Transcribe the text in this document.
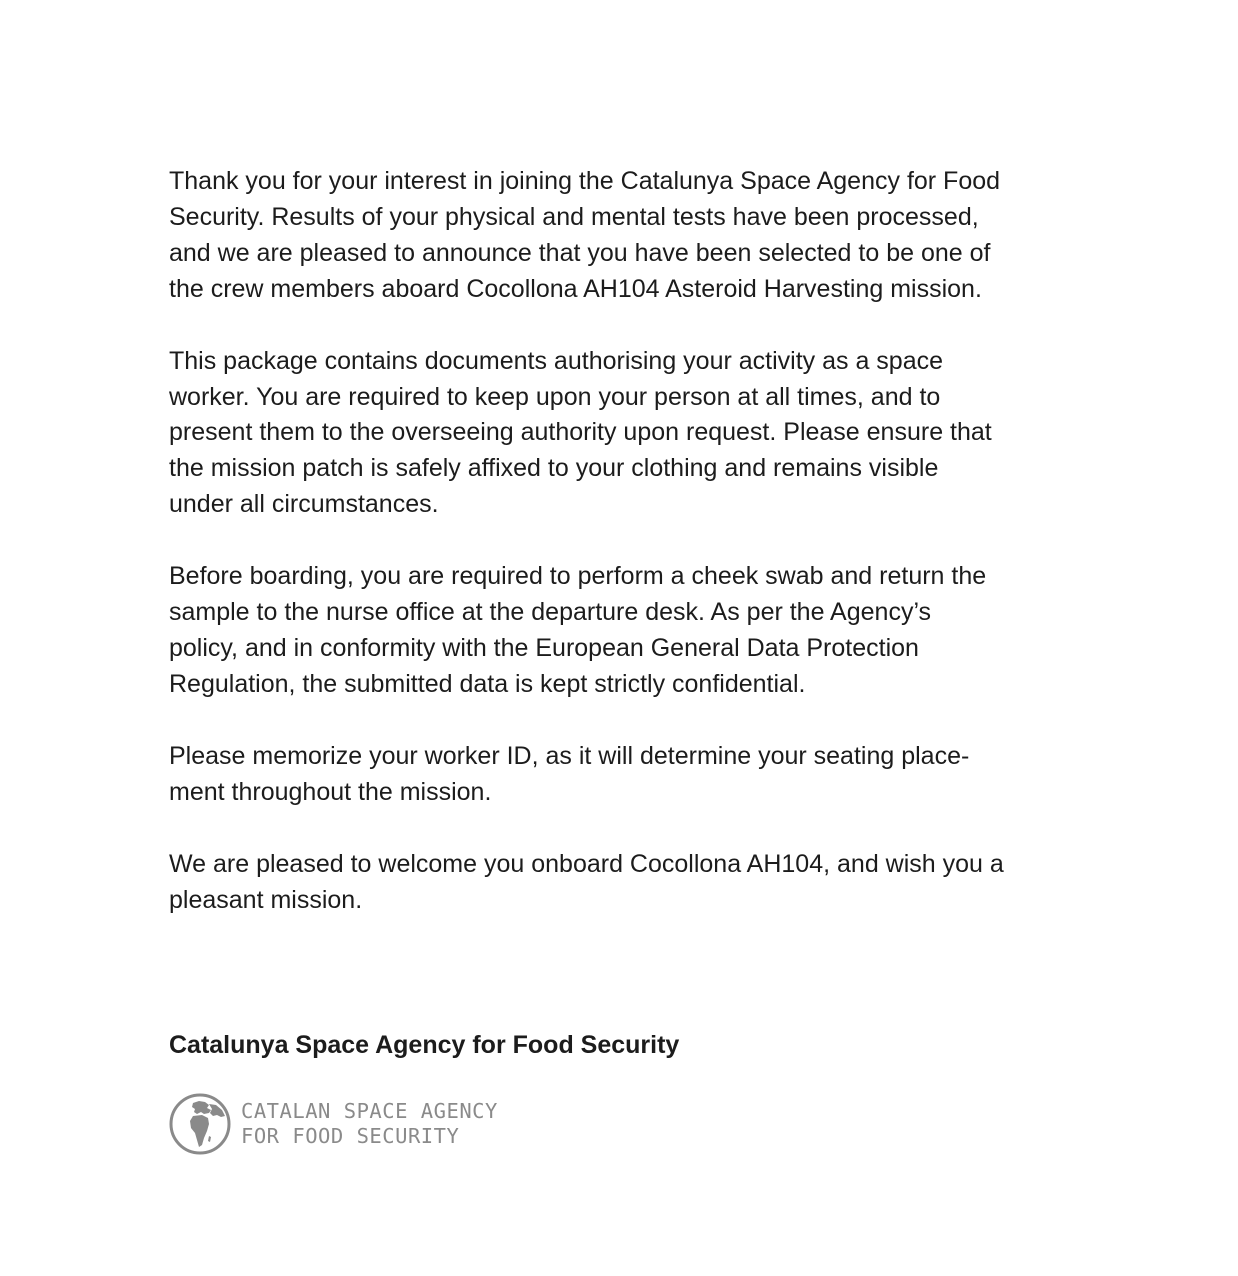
Thank you for your interest in joining the Catalunya Space Agency for Food
Security. Results of your physical and mental tests have been processed,
and we are pleased to announce that you have been selected to be one of
the crew members aboard Cocollona AH104 Asteroid Harvesting mission.

This package contains documents authorising your activity as a space
worker. You are required to keep upon your person at all times, and to
present them to the overseeing authority upon request. Please ensure that
the mission patch is safely affixed to your clothing and remains visible
under all circumstances.

Before boarding, you are required to perform a cheek swab and return the
sample to the nurse office at the departure desk. As per the Agency’s
policy, and in conformity with the European General Data Protection
Regulation, the submitted data is kept strictly confidential.

Please memorize your worker ID, as it will determine your seating place-
ment throughout the mission.

We are pleased to welcome you onboard Cocollona AH104, and wish you a
pleasant mission.

Catalunya Space Agency for Food Security
CATALAN SPACE AGENCY
FOR FOOD SECURITY
